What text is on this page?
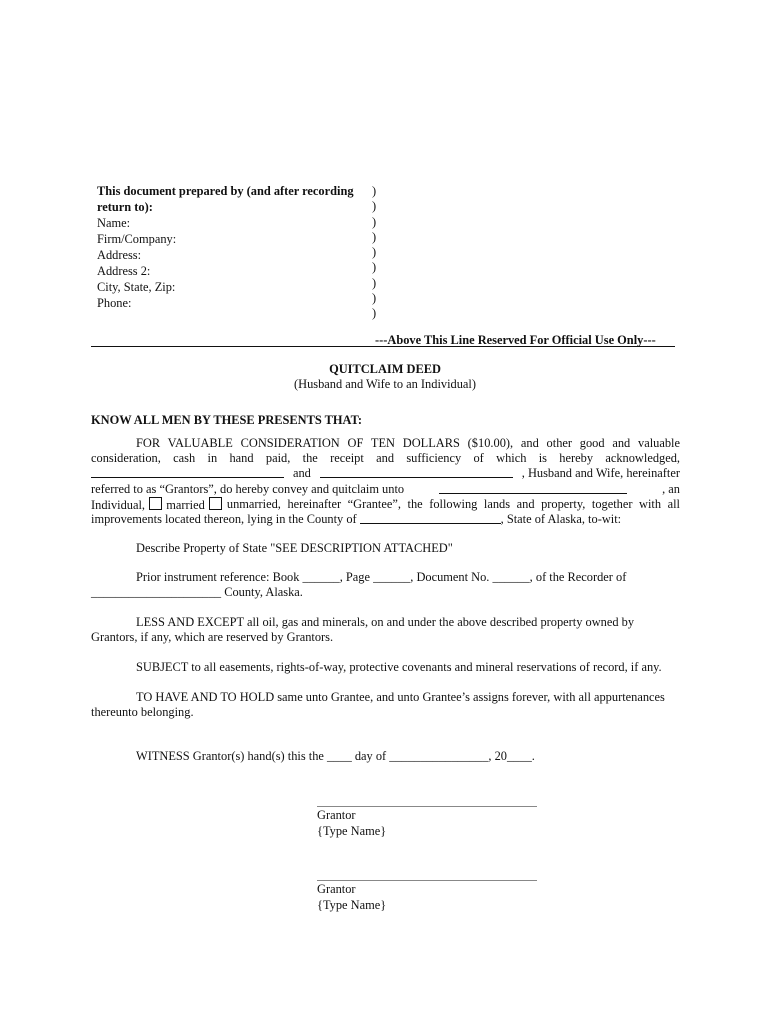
This document prepared by (and after recording
return to):
Name:
Firm/Company:
Address:
Address 2:
City, State, Zip:
Phone:
)
)
)
)
)
)
)
)
)
---Above This Line Reserved For Official Use Only---
QUITCLAIM DEED
(Husband and Wife to an Individual)
KNOW ALL MEN BY THESE PRESENTS THAT:
FOR VALUABLE CONSIDERATION OF TEN DOLLARS ($10.00), and other good and valuable
consideration, cash in hand paid, the receipt and sufficiency of which is hereby acknowledged,
and	, Husband and Wife, hereinafter
referred to as “Grantors”, do hereby convey and quitclaim unto	, an
Individual, married	unmarried, hereinafter “Grantee”, the following lands and property, together with all
improvements located thereon, lying in the County of	, State of Alaska, to-wit:
Describe Property of State "SEE DESCRIPTION ATTACHED"
Prior instrument reference: Book ______, Page ______, Document No. ______, of the Recorder of
_____________________ County, Alaska.
LESS AND EXCEPT all oil, gas and minerals, on and under the above described property owned by
Grantors, if any, which are reserved by Grantors.
SUBJECT to all easements, rights-of-way, protective covenants and mineral reservations of record, if any.
TO HAVE AND TO HOLD same unto Grantee, and unto Grantee’s assigns forever, with all appurtenances
thereunto belonging.
WITNESS Grantor(s) hand(s) this the ____ day of ________________, 20____.
Grantor
{Type Name}
Grantor
{Type Name}
